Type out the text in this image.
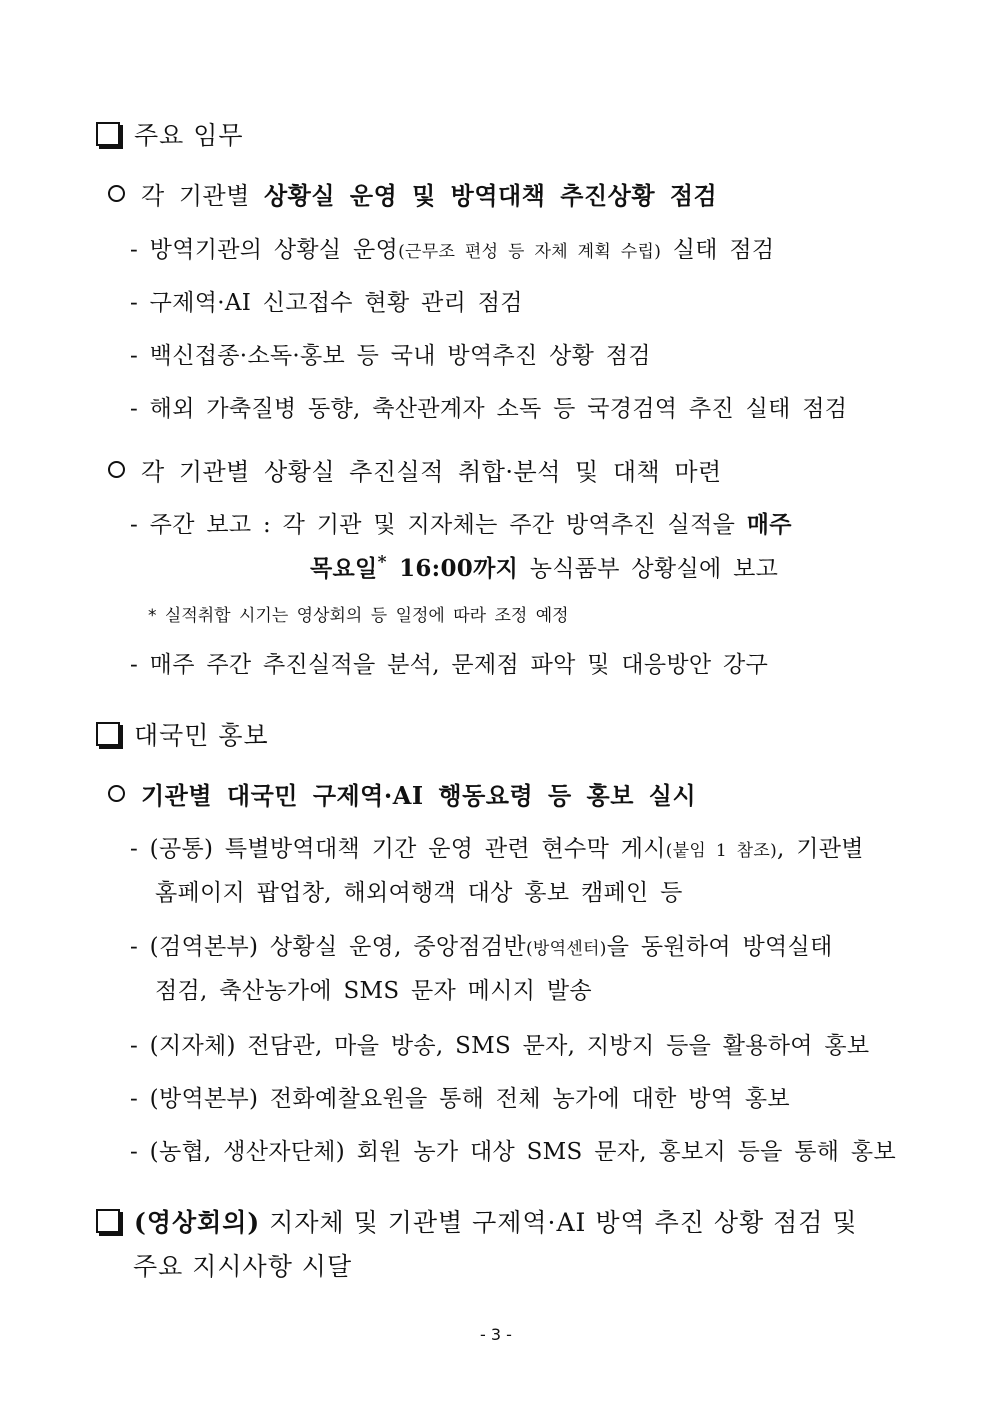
주요 임무
각 기관별 상황실 운영 및 방역대책 추진상황 점검
- 방역기관의 상황실 운영(근무조 편성 등 자체 계획 수립) 실태 점검
- 구제역·AI 신고접수 현황 관리 점검
- 백신접종·소독·홍보 등 국내 방역추진 상황 점검
- 해외 가축질병 동향, 축산관계자 소독 등 국경검역 추진 실태 점검
각 기관별 상황실 추진실적 취합·분석 및 대책 마련
- 주간 보고 : 각 기관 및 지자체는 주간 방역추진 실적을 매주
목요일* 16:00까지 농식품부 상황실에 보고
* 실적취합 시기는 영상회의 등 일정에 따라 조정 예정
- 매주 주간 추진실적을 분석, 문제점 파악 및 대응방안 강구
대국민 홍보
기관별 대국민 구제역·AI 행동요령 등 홍보 실시
- (공통) 특별방역대책 기간 운영 관련 현수막 게시(붙임 1 참조), 기관별
홈페이지 팝업창, 해외여행객 대상 홍보 캠페인 등
- (검역본부) 상황실 운영, 중앙점검반(방역센터)을 동원하여 방역실태
점검, 축산농가에 SMS 문자 메시지 발송
- (지자체) 전담관, 마을 방송, SMS 문자, 지방지 등을 활용하여 홍보
- (방역본부) 전화예찰요원을 통해 전체 농가에 대한 방역 홍보
- (농협, 생산자단체) 회원 농가 대상 SMS 문자, 홍보지 등을 통해 홍보
(영상회의) 지자체 및 기관별 구제역·AI 방역 추진 상황 점검 및
주요 지시사항 시달
- 3 -
